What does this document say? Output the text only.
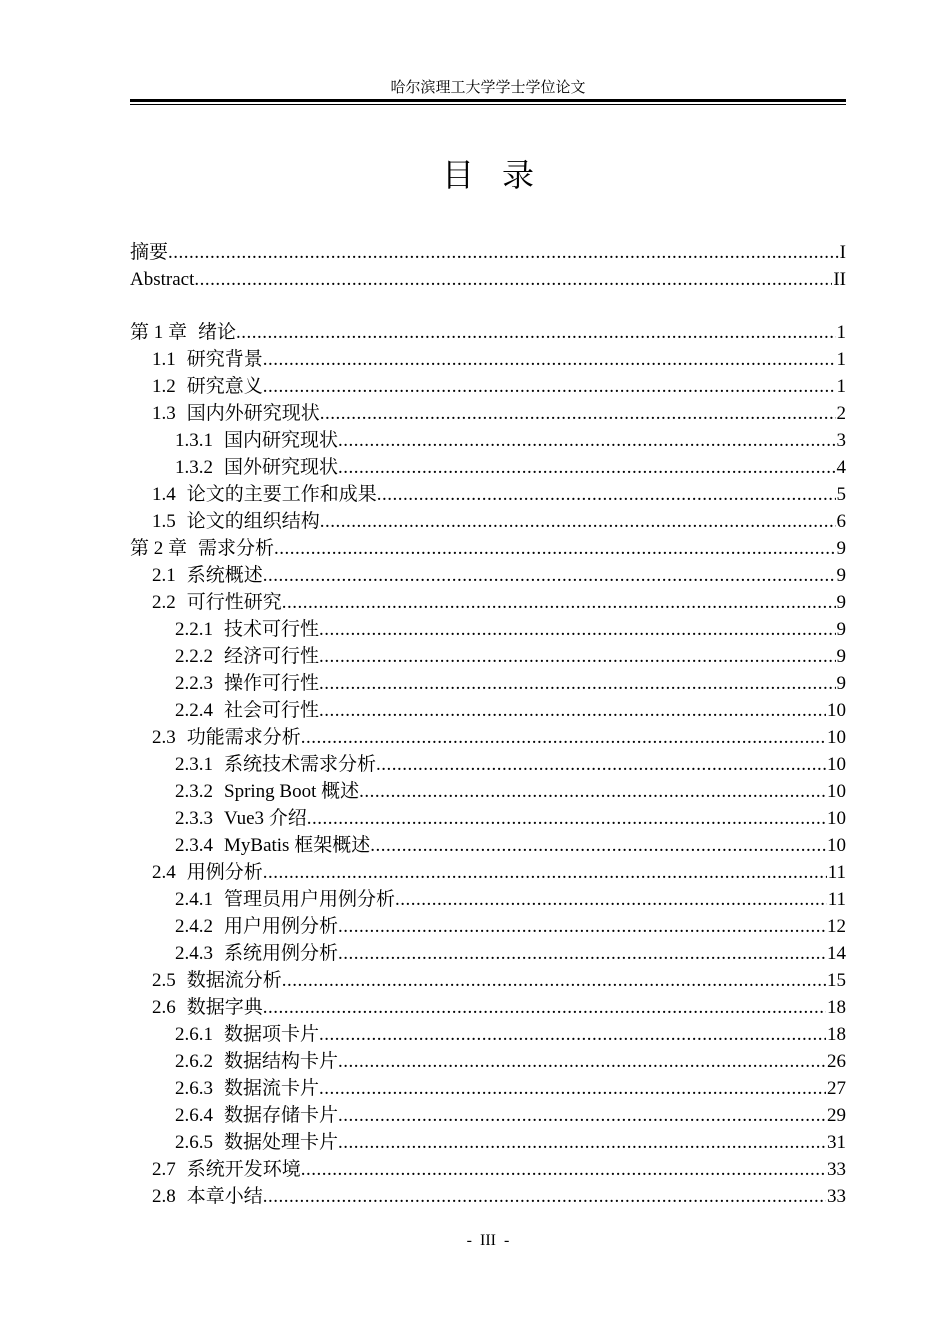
哈尔滨理工大学学士学位论文
目录
摘要 .....	I
Abstract .....	II
第 1 章 绪论 .....	1
1.1 研究背景 .....	1
1.2 研究意义 .....	1
1.3 国内外研究现状 .....	2
1.3.1 国内研究现状 .....	3
1.3.2 国外研究现状 .....	4
1.4 论文的主要工作和成果 .....	5
1.5 论文的组织结构 .....	6
第 2 章 需求分析 .....	9
2.1 系统概述 .....	9
2.2 可行性研究 .....	9
2.2.1 技术可行性 .....	9
2.2.2 经济可行性 .....	9
2.2.3 操作可行性 .....	9
2.2.4 社会可行性 .....	10
2.3 功能需求分析 .....	10
2.3.1 系统技术需求分析 .....	10
2.3.2 Spring Boot 概述 .....	10
2.3.3 Vue3 介绍 .....	10
2.3.4 MyBatis 框架概述 .....	10
2.4 用例分析 .....	11
2.4.1 管理员用户用例分析 .....	11
2.4.2 用户用例分析 .....	12
2.4.3 系统用例分析 .....	14
2.5 数据流分析 .....	15
2.6 数据字典 .....	18
2.6.1 数据项卡片 .....	18
2.6.2 数据结构卡片 .....	26
2.6.3 数据流卡片 .....	27
2.6.4 数据存储卡片 .....	29
2.6.5 数据处理卡片 .....	31
2.7 系统开发环境 .....	33
2.8 本章小结 .....	33
- III -
